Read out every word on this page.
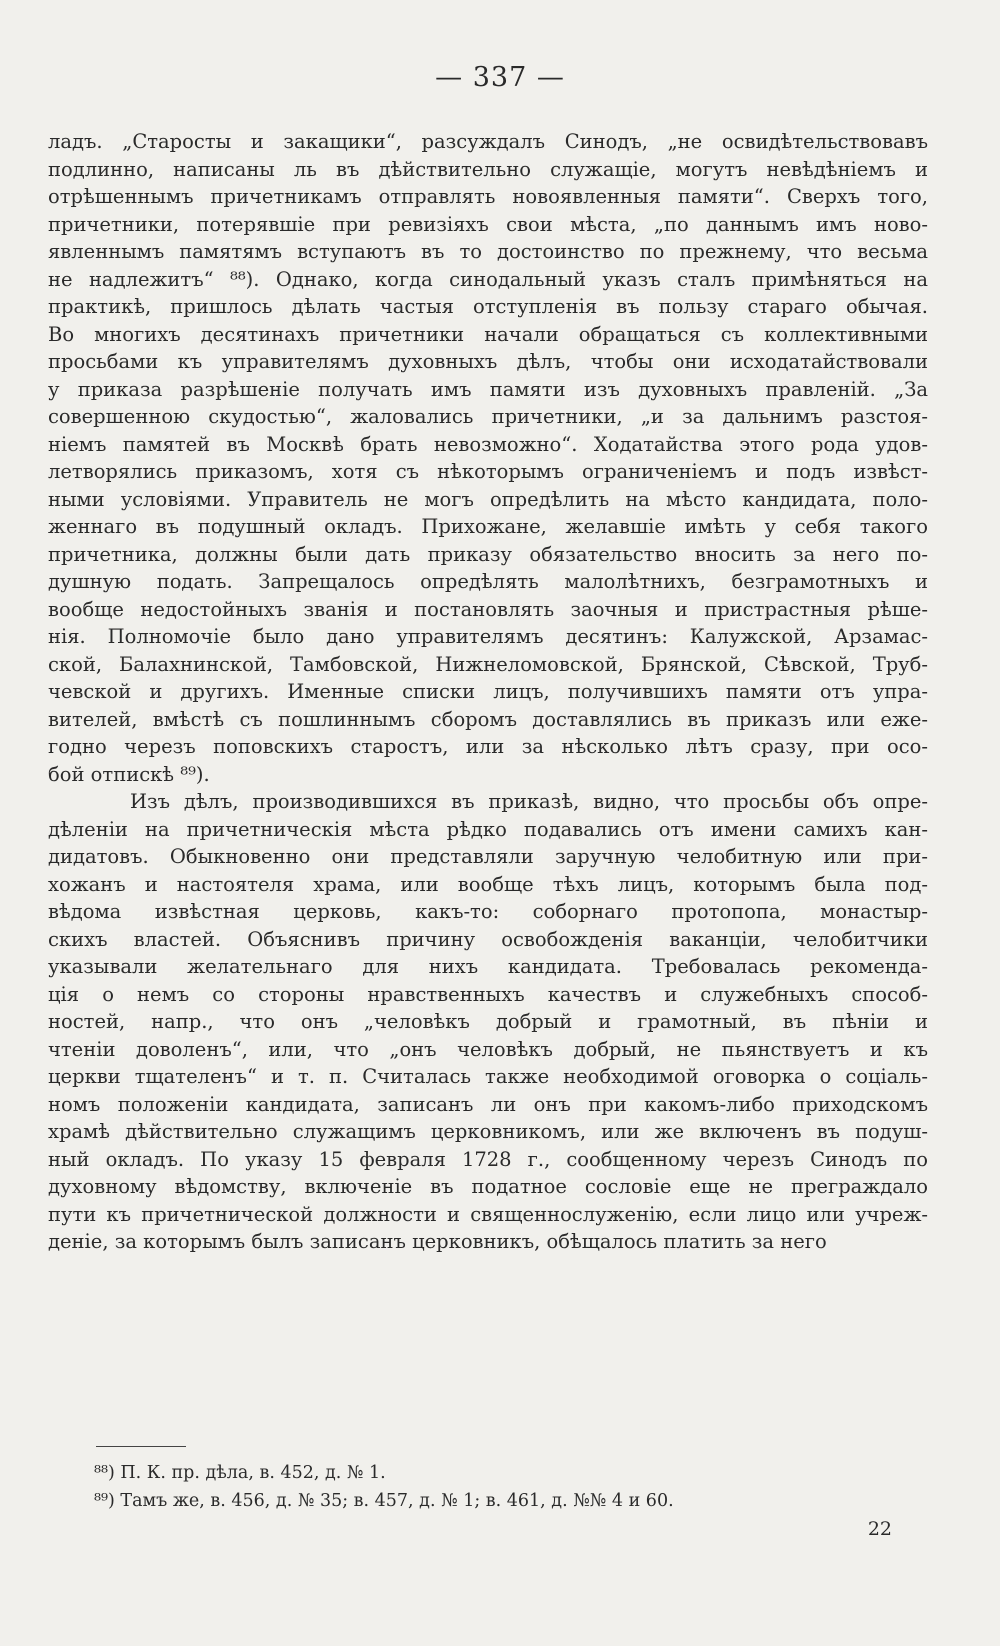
— 337 —
ладъ. „Старосты и закащики“, разсуждалъ Синодъ, „не освидѣтельствовавъ
подлинно, написаны ль въ дѣйствительно служащіе, могутъ невѣдѣніемъ и
отрѣшеннымъ причетникамъ отправлять новоявленныя памяти“. Сверхъ того,
причетники, потерявшіе при ревизіяхъ свои мѣста, „по даннымъ имъ ново-
явленнымъ памятямъ вступаютъ въ то достоинство по прежнему, что весьма
не надлежитъ“ ⁸⁸). Однако, когда синодальный указъ сталъ примѣняться на
практикѣ, пришлось дѣлать частыя отступленія въ пользу стараго обычая.
Во многихъ десятинахъ причетники начали обращаться съ коллективными
просьбами къ управителямъ духовныхъ дѣлъ, чтобы они исходатайствовали
у приказа разрѣшеніе получать имъ памяти изъ духовныхъ правленій. „За
совершенною скудостью“, жаловались причетники, „и за дальнимъ разстоя-
ніемъ памятей въ Москвѣ брать невозможно“. Ходатайства этого рода удов-
летворялись приказомъ, хотя съ нѣкоторымъ ограниченіемъ и подъ извѣст-
ными условіями. Управитель не могъ опредѣлить на мѣсто кандидата, поло-
женнаго въ подушный окладъ. Прихожане, желавшіе имѣть у себя такого
причетника, должны были дать приказу обязательство вносить за него по-
душную подать. Запрещалось опредѣлять малолѣтнихъ, безграмотныхъ и
вообще недостойныхъ званія и постановлять заочныя и пристрастныя рѣше-
нія. Полномочіе было дано управителямъ десятинъ: Калужской, Арзамас-
ской, Балахнинской, Тамбовской, Нижнеломовской, Брянской, Сѣвской, Труб-
чевской и другихъ. Именные списки лицъ, получившихъ памяти отъ упра-
вителей, вмѣстѣ съ пошлиннымъ сборомъ доставлялись въ приказъ или еже-
годно черезъ поповскихъ старостъ, или за нѣсколько лѣтъ сразу, при осо-
бой отпискѣ ⁸⁹).
Изъ дѣлъ, производившихся въ приказѣ, видно, что просьбы объ опре-
дѣленіи на причетническія мѣста рѣдко подавались отъ имени самихъ кан-
дидатовъ. Обыкновенно они представляли заручную челобитную или при-
хожанъ и настоятеля храма, или вообще тѣхъ лицъ, которымъ была под-
вѣдома извѣстная церковь, какъ-то: соборнаго протопопа, монастыр-
скихъ властей. Объяснивъ причину освобожденія ваканціи, челобитчики
указывали желательнаго для нихъ кандидата. Требовалась рекоменда-
ція о немъ со стороны нравственныхъ качествъ и служебныхъ способ-
ностей, напр., что онъ „человѣкъ добрый и грамотный, въ пѣніи и
чтеніи доволенъ“, или, что „онъ человѣкъ добрый, не пьянствуетъ и къ
церкви тщателенъ“ и т. п. Считалась также необходимой оговорка о соціаль-
номъ положеніи кандидата, записанъ ли онъ при какомъ-либо приходскомъ
храмѣ дѣйствительно служащимъ церковникомъ, или же включенъ въ подуш-
ный окладъ. По указу 15 февраля 1728 г., сообщенному черезъ Синодъ по
духовному вѣдомству, включеніе въ податное сословіе еще не преграждало
пути къ причетнической должности и священнослуженію, если лицо или учреж-
деніе, за которымъ былъ записанъ церковникъ, обѣщалось платить за него
⁸⁸) П. К. пр. дѣла, в. 452, д. № 1.
⁸⁹) Тамъ же, в. 456, д. № 35; в. 457, д. № 1; в. 461, д. №№ 4 и 60.
22
